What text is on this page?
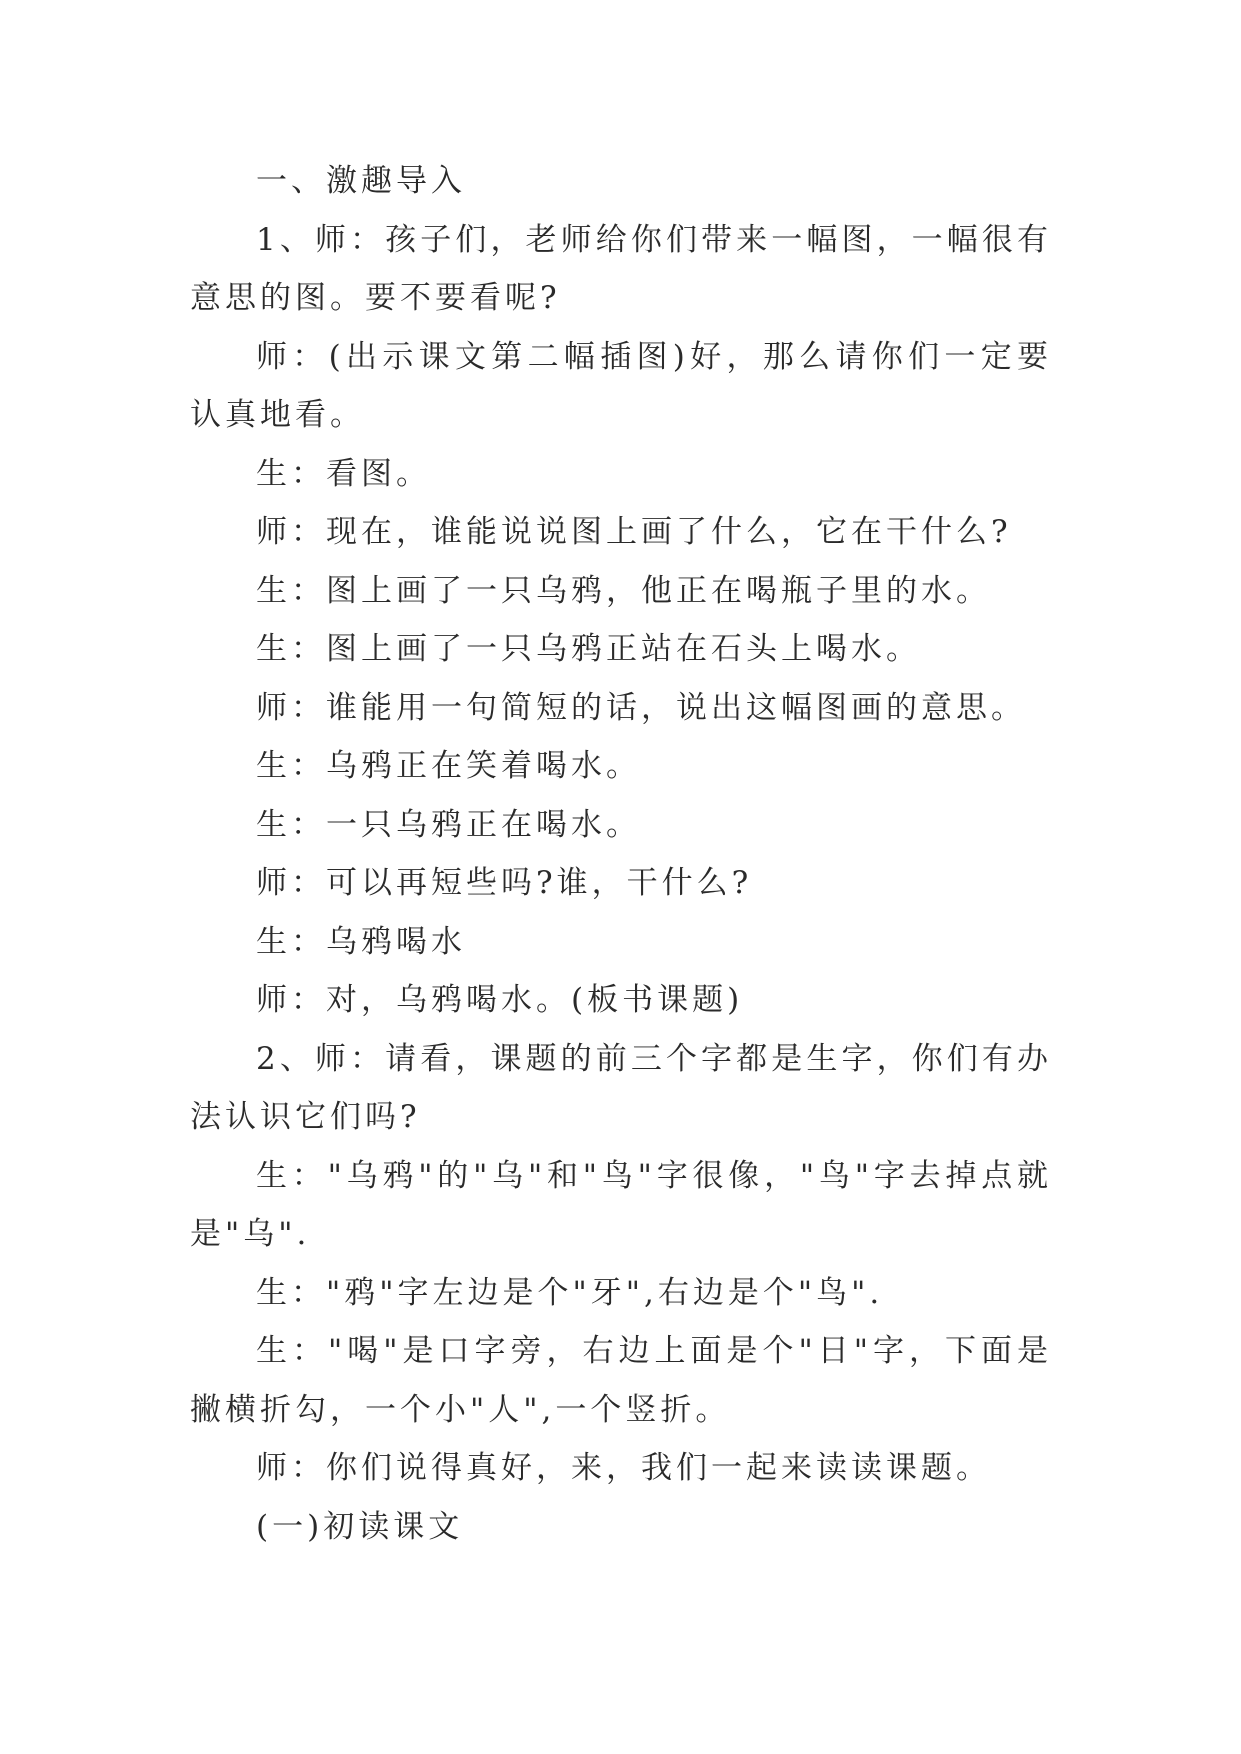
一、激趣导入

1、师：孩子们，老师给你们带来一幅图，一幅很有意思的图。要不要看呢?

师：(出示课文第二幅插图)好，那么请你们一定要认真地看。

生：看图。

师：现在，谁能说说图上画了什么，它在干什么?

生：图上画了一只乌鸦，他正在喝瓶子里的水。

生：图上画了一只乌鸦正站在石头上喝水。

师：谁能用一句简短的话，说出这幅图画的意思。

生：乌鸦正在笑着喝水。

生：一只乌鸦正在喝水。

师：可以再短些吗?谁，干什么?

生：乌鸦喝水

师：对，乌鸦喝水。(板书课题)

2、师：请看，课题的前三个字都是生字，你们有办法认识它们吗?

生："乌鸦"的"乌"和"鸟"字很像，"鸟"字去掉点就是"乌".

生："鸦"字左边是个"牙",右边是个"鸟".

生："喝"是口字旁，右边上面是个"日"字，下面是撇横折勾，一个小"人",一个竖折。

师：你们说得真好，来，我们一起来读读课题。

(一)初读课文
